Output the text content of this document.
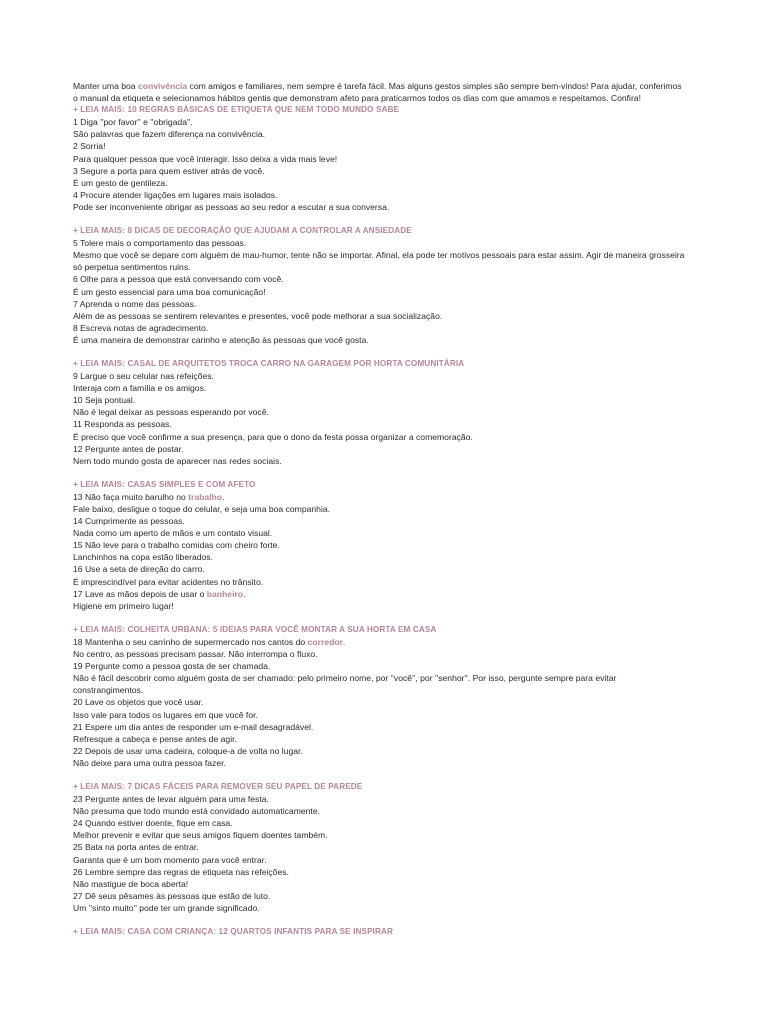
Manter uma boa convivência com amigos e familiares, nem sempre é tarefa fácil. Mas alguns gestos simples são sempre bem-vindos! Para ajudar, conferimos o manual da etiqueta e selecionamos hábitos gentis que demonstram afeto para praticarmos todos os dias com que amamos e respeitamos. Confira!

+ LEIA MAIS: 10 REGRAS BÁSICAS DE ETIQUETA QUE NEM TODO MUNDO SABE
1 Diga ''por favor'' e ''obrigada''.
São palavras que fazem diferença na convivência.
2 Sorria!
Para qualquer pessoa que você interagir. Isso deixa a vida mais leve!
3 Segure a porta para quem estiver atrás de você.
É um gesto de gentileza.
4 Procure atender ligações em lugares mais isolados.
Pode ser inconveniente obrigar as pessoas ao seu redor a escutar a sua conversa.
+ LEIA MAIS: 8 DICAS DE DECORAÇÃO QUE AJUDAM A CONTROLAR A ANSIEDADE
5 Tolere mais o comportamento das pessoas.
Mesmo que você se depare com alguém de mau-humor, tente não se importar. Afinal, ela pode ter motivos pessoais para estar assim. Agir de maneira grosseira só perpetua sentimentos ruins.
6 Olhe para a pessoa que está conversando com você.
É um gesto essencial para uma boa comunicação!
7 Aprenda o nome das pessoas.
Além de as pessoas se sentirem relevantes e presentes, você pode melhorar a sua socialização.
8 Escreva notas de agradecimento.
É uma maneira de demonstrar carinho e atenção às pessoas que você gosta.
+ LEIA MAIS: CASAL DE ARQUITETOS TROCA CARRO NA GARAGEM POR HORTA COMUNITÁRIA
9 Largue o seu celular nas refeições.
Interaja com a família e os amigos.
10 Seja pontual.
Não é legal deixar as pessoas esperando por você.
11 Responda as pessoas.
É preciso que você confirme a sua presença, para que o dono da festa possa organizar a comemoração.
12 Pergunte antes de postar.
Nem todo mundo gosta de aparecer nas redes sociais.
+ LEIA MAIS: CASAS SIMPLES E COM AFETO
13 Não faça muito barulho no trabalho.
Fale baixo, desligue o toque do celular, e seja uma boa companhia.
14 Cumprimente as pessoas.
Nada como um aperto de mãos e um contato visual.
15 Não leve para o trabalho comidas com cheiro forte.
Lanchinhos na copa estão liberados.
16 Use a seta de direção do carro.
É imprescindível para evitar acidentes no trânsito.
17 Lave as mãos depois de usar o banheiro.
Higiene em primeiro lugar!
+ LEIA MAIS: COLHEITA URBANA: 5 IDEIAS PARA VOCÊ MONTAR A SUA HORTA EM CASA
18 Mantenha o seu carrinho de supermercado nos cantos do corredor.
No centro, as pessoas precisam passar. Não interrompa o fluxo.
19 Pergunte como a pessoa gosta de ser chamada.
Não é fácil descobrir como alguém gosta de ser chamado: pelo primeiro nome, por ''você'', por ''senhor''. Por isso, pergunte sempre para evitar constrangimentos.
20 Lave os objetos que você usar.
Isso vale para todos os lugares em que você for.
21 Espere um dia antes de responder um e-mail desagradável.
Refresque a cabeça e pense antes de agir.
22 Depois de usar uma cadeira, coloque-a de volta no lugar.
Não deixe para uma outra pessoa fazer.
+ LEIA MAIS: 7 DICAS FÁCEIS PARA REMOVER SEU PAPEL DE PAREDE
23 Pergunte antes de levar alguém para uma festa.
Não presuma que todo mundo está convidado automaticamente.
24 Quando estiver doente, fique em casa.
Melhor prevenir e evitar que seus amigos fiquem doentes também.
25 Bata na porta antes de entrar.
Garanta que é um bom momento para você entrar.
26 Lembre sempre das regras de etiqueta nas refeições.
Não mastigue de boca aberta!
27 Dê seus pêsames às pessoas que estão de luto.
Um ''sinto muito'' pode ter um grande significado.
+ LEIA MAIS: CASA COM CRIANÇA: 12 QUARTOS INFANTIS PARA SE INSPIRAR
